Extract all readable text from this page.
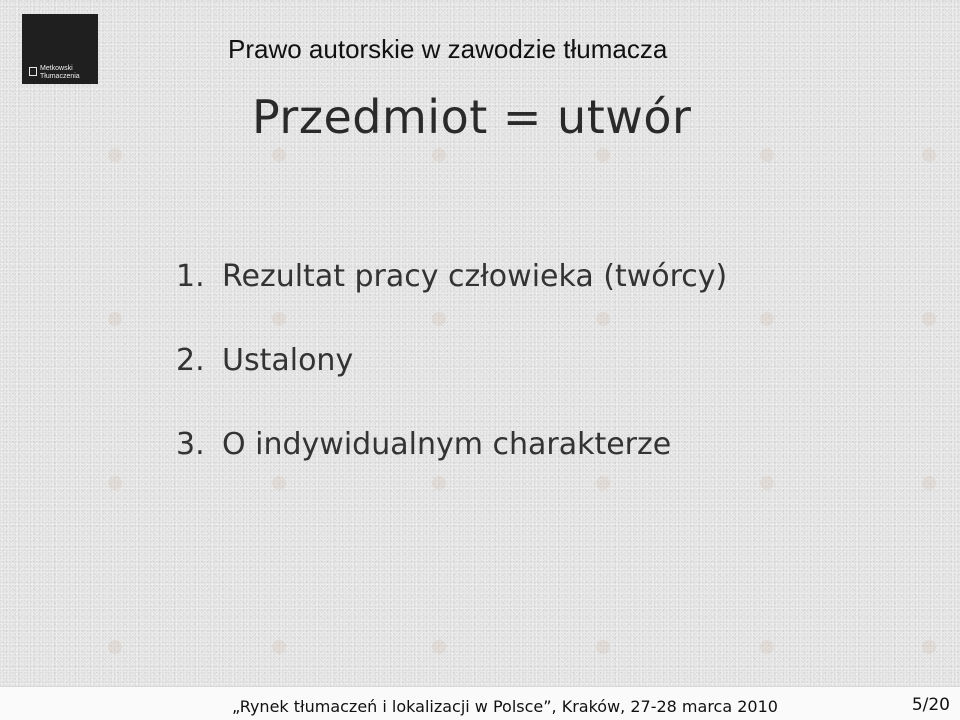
Metkowski
Tłumaczenia
Prawo autorskie w zawodzie tłumacza
Przedmiot = utwór
1. Rezultat pracy człowieka (twórcy)
2. Ustalony
3. O indywidualnym charakterze
„Rynek tłumaczeń i lokalizacji w Polsce”, Kraków, 27-28 marca 2010	5/20
